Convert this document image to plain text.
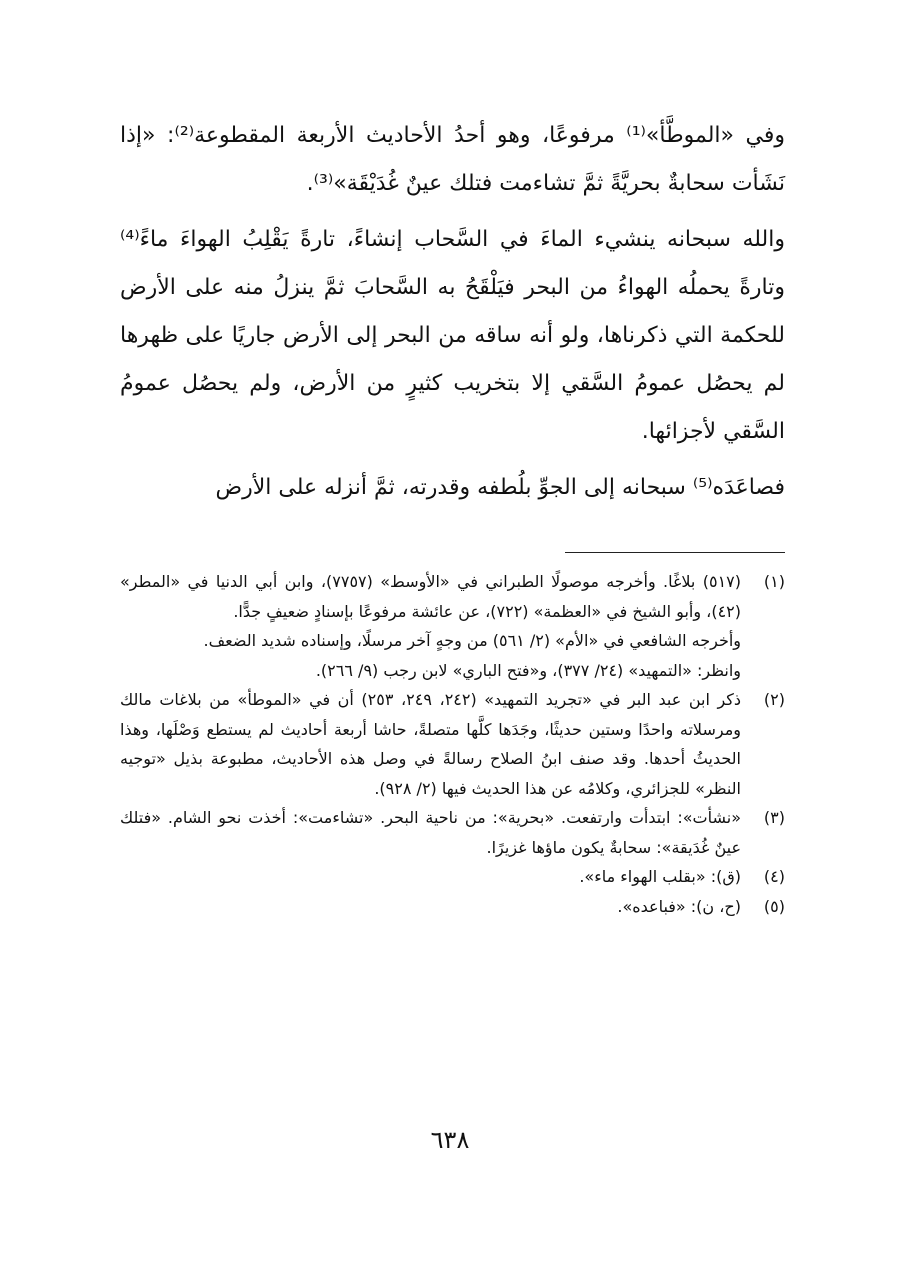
وفي «الموطَّأ»⁽¹⁾ مرفوعًا، وهو أحدُ الأحاديث الأربعة المقطوعة⁽²⁾: «إذا نَشَأت سحابةٌ بحريَّةً ثمَّ تشاءمت فتلك عينٌ غُدَيْقَة»⁽³⁾.

والله سبحانه ينشيء الماءَ في السَّحاب إنشاءً، تارةً يَقْلِبُ الهواءَ ماءً⁽⁴⁾ وتارةً يحملُه الهواءُ من البحر فيَلْقَحُ به السَّحابَ ثمَّ ينزلُ منه على الأرض للحكمة التي ذكرناها، ولو أنه ساقه من البحر إلى الأرض جاريًا على ظهرها لم يحصُل عمومُ السَّقي إلا بتخريب كثيرٍ من الأرض، ولم يحصُل عمومُ السَّقي لأجزائها.

فصاعَدَه⁽⁵⁾ سبحانه إلى الجوِّ بلُطفه وقدرته، ثمَّ أنزله على الأرض

(١)

(٥١٧) بلاغًا. وأخرجه موصولًا الطبراني في «الأوسط» (٧٧٥٧)، وابن أبي الدنيا في «المطر» (٤٢)، وأبو الشيخ في «العظمة» (٧٢٢)، عن عائشة مرفوعًا بإسنادٍ ضعيفٍ جدًّا.

وأخرجه الشافعي في «الأم» (٢/ ٥٦١) من وجهٍ آخر مرسلًا، وإسناده شديد الضعف.

وانظر: «التمهيد» (٢٤/ ٣٧٧)، و«فتح الباري» لابن رجب (٩/ ٢٦٦).

(٢)

ذكر ابن عبد البر في «تجريد التمهيد» (٢٤٢، ٢٤٩، ٢٥٣) أن في «الموطأ» من بلاغات مالك ومرسلاته واحدًا وستين حديثًا، وجَدَها كلَّها متصلةً، حاشا أربعة أحاديث لم يستطع وَصْلَها، وهذا الحديثُ أحدها. وقد صنف ابنُ الصلاح رسالةً في وصل هذه الأحاديث، مطبوعة بذيل «توجيه النظر» للجزائري، وكلامُه عن هذا الحديث فيها (٢/ ٩٢٨).

(٣)

«نشأت»: ابتدأت وارتفعت. «بحرية»: من ناحية البحر. «تشاءمت»: أخذت نحو الشام. «فتلك عينٌ غُدَيقة»: سحابةٌ يكون ماؤها غزيرًا.

(٤)

(ق): «بقلب الهواء ماء».

(٥)

(ح، ن): «فباعده».

٦٣٨
